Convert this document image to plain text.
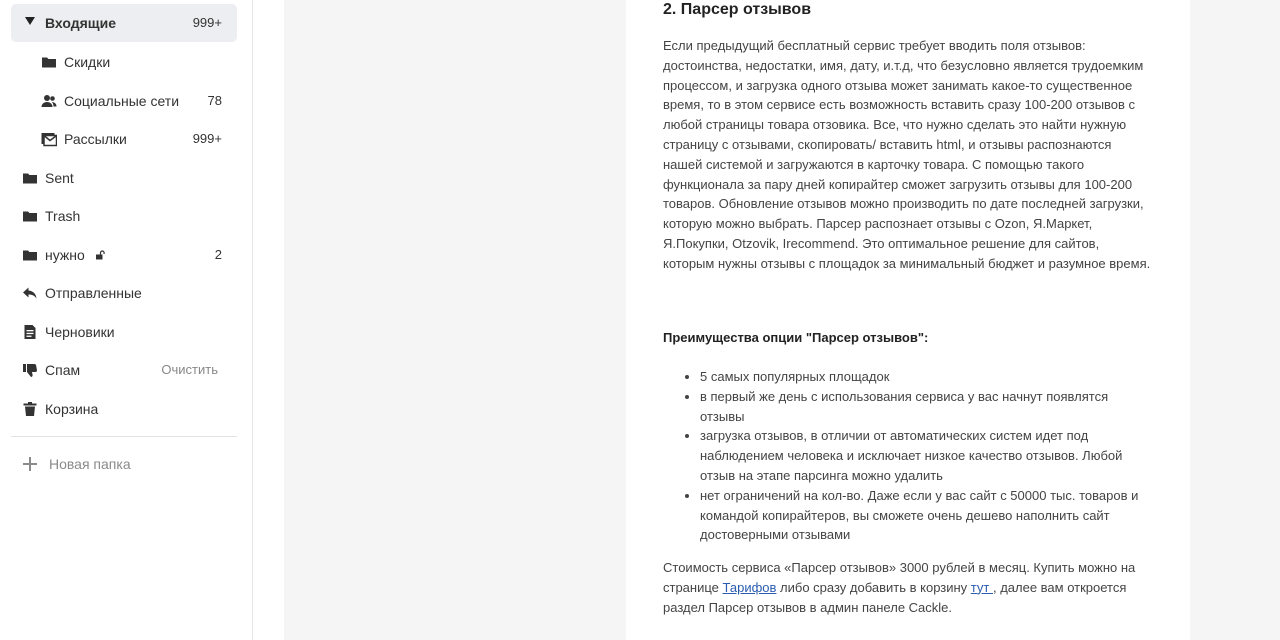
Входящие	999+
Скидки
Социальные сети 78
Рассылки	999+
Sent
Trash
нужно	2
Отправленные
Черновики
Спам	Очистить
Корзина
Новая папка
2. Парсер отзывов
Если предыдущий бесплатный сервис требует вводить поля отзывов: достоинства, недостатки, имя, дату, и.т.д, что безусловно является трудоемким процессом, и загрузка одного отзыва может занимать какое-то существенное время, то в этом сервисе есть возможность вставить сразу 100-200 отзывов с любой страницы товара отзовика. Все, что нужно сделать это найти нужную страницу с отзывами, скопировать/ вставить html, и отзывы распознаются нашей системой и загружаются в карточку товара. С помощью такого функционала за пару дней копирайтер сможет загрузить отзывы для 100-200 товаров. Обновление отзывов можно производить по дате последней загрузки, которую можно выбрать. Парсер распознает отзывы с Ozon, Я.Маркет, Я.Покупки, Otzovik, Irecommend. Это оптимальное решение для сайтов, которым нужны отзывы с площадок за минимальный бюджет и разумное время.
Преимущества опции "Парсер отзывов":
• 5 самых популярных площадок
• в первый же день с использования сервиса у вас начнут появлятся отзывы
• загрузка отзывов, в отличии от автоматических систем идет под наблюдением человека и исключает низкое качество отзывов. Любой отзыв на этапе парсинга можно удалить
• нет ограничений на кол-во. Даже если у вас сайт с 50000 тыс. товаров и командой копирайтеров, вы сможете очень дешево наполнить сайт достоверными отзывами
Стоимость сервиса «Парсер отзывов» 3000 рублей в месяц. Купить можно на странице Тарифов либо сразу добавить в корзину тут , далее вам откроется раздел Парсер отзывов в админ панеле Cackle.
